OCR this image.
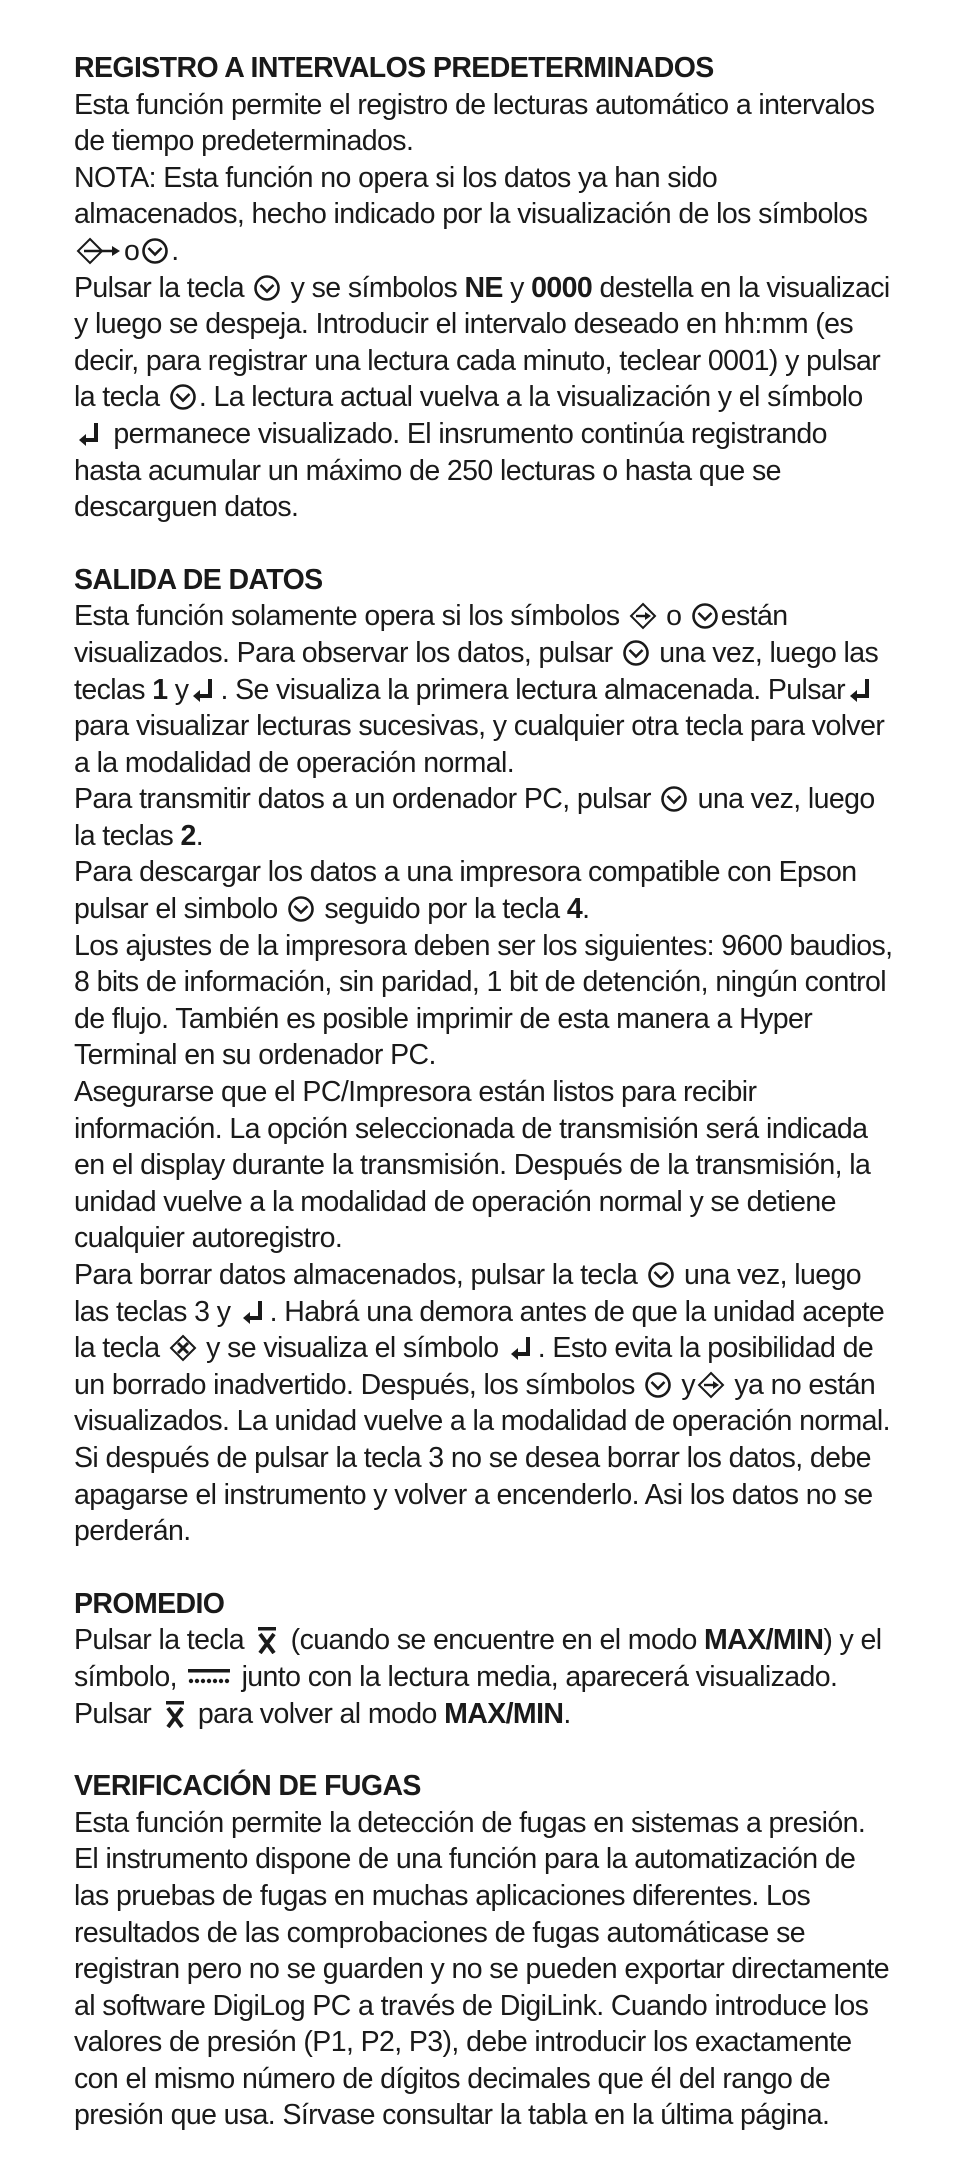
REGISTRO A INTERVALOS PREDETERMINADOS

Esta función permite el registro de lecturas automático a intervalos de tiempo predeterminados.

NOTA: Esta función no opera si los datos ya han sido almacenados, hecho indicado por la visualización de los símbolos
o .

Pulsar la tecla y se símbolos NE y 0000 destella en la visualizaci y luego se despeja. Introducir el intervalo deseado en hh:mm (es decir, para registrar una lectura cada minuto, teclear 0001) y pulsar la tecla . La lectura actual vuelva a la visualización y el símbolo
permanece visualizado. El insrumento continúa registrando hasta acumular un máximo de 250 lecturas o hasta que se descarguen datos.

SALIDA DE DATOS

Esta función solamente opera si los símbolos o están visualizados. Para observar los datos, pulsar una vez, luego las teclas 1 y . Se visualiza la primera lectura almacenada. Pulsar
para visualizar lecturas sucesivas, y cualquier otra tecla para volver a la modalidad de operación normal.

Para transmitir datos a un ordenador PC, pulsar una vez, luego la teclas 2.

Para descargar los datos a una impresora compatible con Epson pulsar el simbolo seguido por la tecla 4.

Los ajustes de la impresora deben ser los siguientes: 9600 baudios, 8 bits de información, sin paridad, 1 bit de detención, ningún control de flujo. También es posible imprimir de esta manera a Hyper Terminal en su ordenador PC.

Asegurarse que el PC/Impresora están listos para recibir información. La opción seleccionada de transmisión será indicada en el display durante la transmisión. Después de la transmisión, la unidad vuelve a la modalidad de operación normal y se detiene cualquier autoregistro.

Para borrar datos almacenados, pulsar la tecla una vez, luego las teclas 3 y . Habrá una demora antes de que la unidad acepte la tecla y se visualiza el símbolo . Esto evita la posibilidad de un borrado inadvertido. Después, los símbolos y ya no están visualizados. La unidad vuelve a la modalidad de operación normal. Si después de pulsar la tecla 3 no se desea borrar los datos, debe apagarse el instrumento y volver a encenderlo. Asi los datos no se perderán.

PROMEDIO

Pulsar la tecla (cuando se encuentre en el modo MAX/MIN) y el símbolo, junto con la lectura media, aparecerá visualizado. Pulsar para volver al modo MAX/MIN.

VERIFICACIÓN DE FUGAS

Esta función permite la detección de fugas en sistemas a presión. El instrumento dispone de una función para la automatización de las pruebas de fugas en muchas aplicaciones diferentes. Los resultados de las comprobaciones de fugas automáticase se registran pero no se guarden y no se pueden exportar directamente al software DigiLog PC a través de DigiLink. Cuando introduce los valores de presión (P1, P2, P3), debe introducir los exactamente con el mismo número de dígitos decimales que él del rango de presión que usa. Sírvase consultar la tabla en la última página.
